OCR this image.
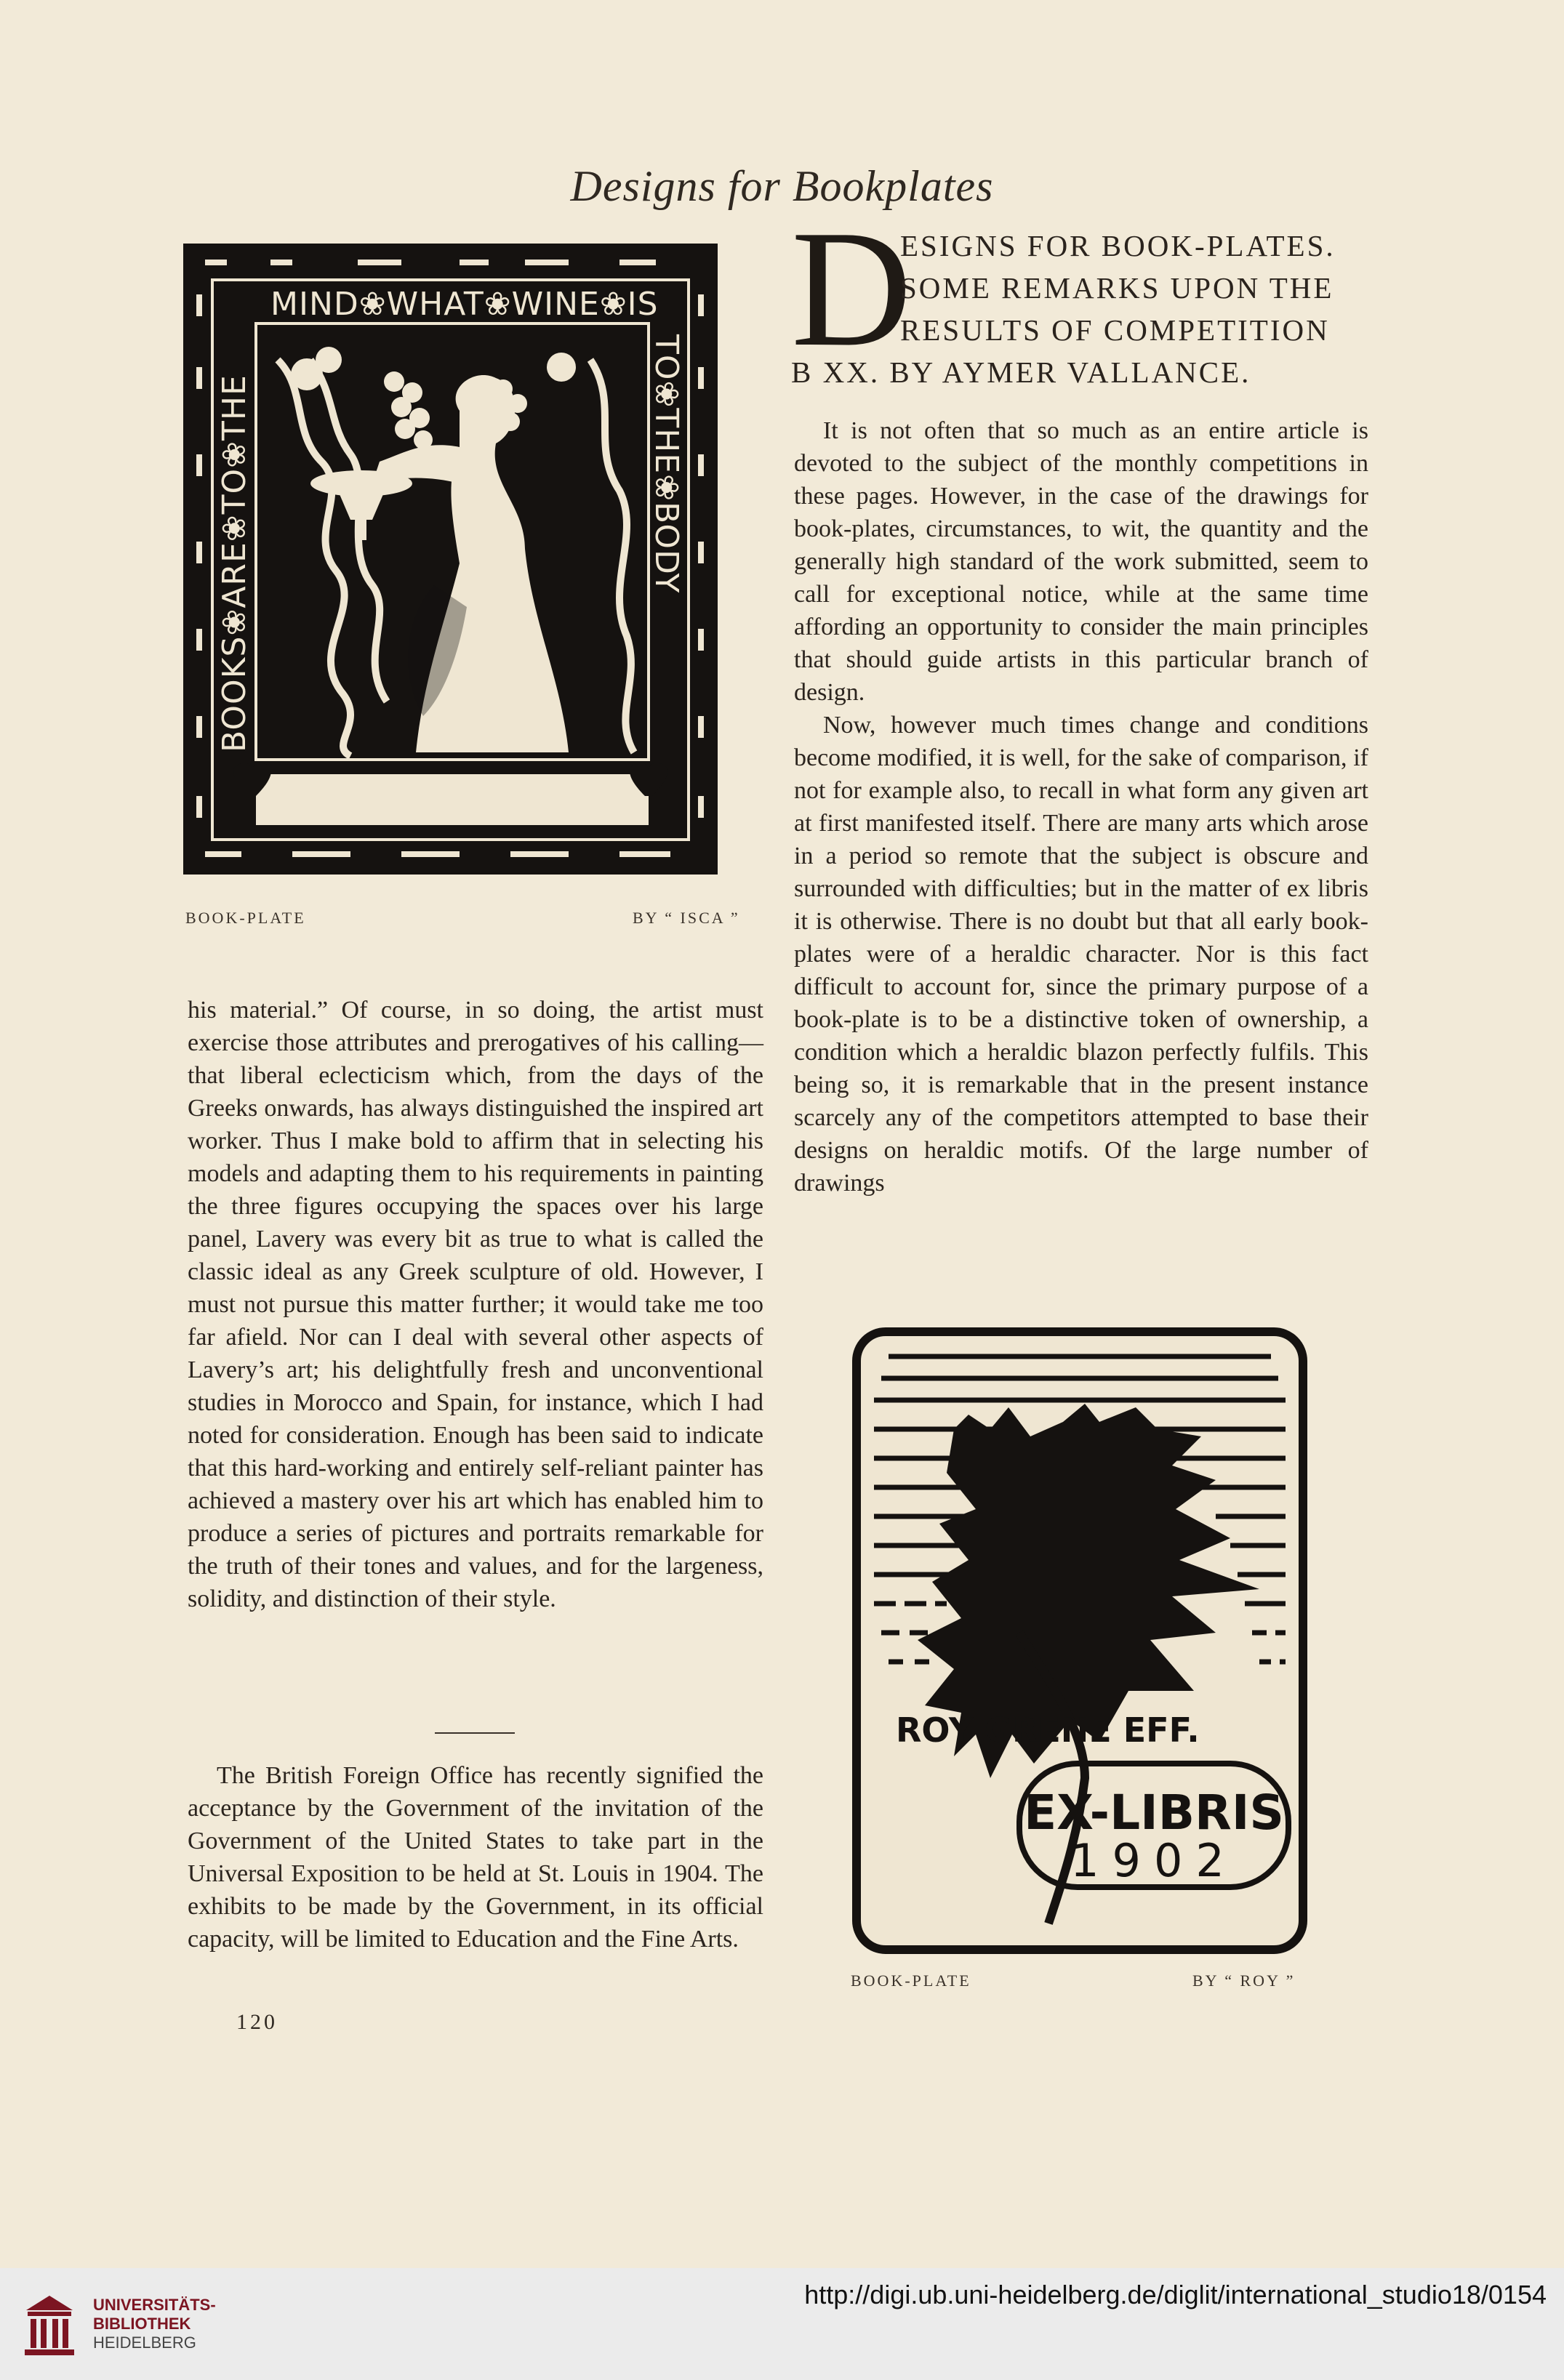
Designs for Bookplates
MIND❀WHAT❀WINE❀IS
BOOKS❀ARE❀TO❀THE	TO❀THE❀BODY
BOOK-PLATE	BY “ ISCA ”
D
ESIGNS FOR BOOK-PLATES.
SOME REMARKS UPON THE
RESULTS OF COMPETITION
B XX. BY AYMER VALLANCE.

It is not often that so much as an entire article is devoted to the subject of the monthly competitions in these pages. However, in the case of the drawings for book-plates, circumstances, to wit, the quantity and the generally high standard of the work submitted, seem to call for exceptional notice, while at the same time affording an opportunity to consider the main principles that should guide artists in this particular branch of design.

Now, however much times change and conditions become modified, it is well, for the sake of comparison, if not for example also, to recall in what form any given art at first manifested itself. There are many arts which arose in a period so remote that the subject is obscure and surrounded with difficulties; but in the matter of ex libris it is otherwise. There is no doubt but that all early book-plates were of a heraldic character. Nor is this fact difficult to account for, since the primary purpose of a book-plate is to be a distinctive token of ownership, a condition which a heraldic blazon perfectly fulfils. This being so, it is remarkable that in the present instance scarcely any of the competitors attempted to base their designs on heraldic motifs. Of the large number of drawings

his material.” Of course, in so doing, the artist must exercise those attributes and prerogatives of his calling—that liberal eclecticism which, from the days of the Greeks onwards, has always distinguished the inspired art worker. Thus I make bold to affirm that in selecting his models and adapting them to his requirements in painting the three figures occupying the spaces over his large panel, Lavery was every bit as true to what is called the classic ideal as any Greek sculpture of old. However, I must not pursue this matter further; it would take me too far afield. Nor can I deal with several other aspects of Lavery’s art; his delightfully fresh and unconventional studies in Morocco and Spain, for instance, which I had noted for consideration. Enough has been said to indicate that this hard-working and entirely self-reliant painter has achieved a mastery over his art which has enabled him to produce a series of pictures and portraits remarkable for the truth of their tones and values, and for the largeness, solidity, and distinction of their style.

The British Foreign Office has recently signified the acceptance by the Government of the invitation of the Government of the United States to take part in the Universal Exposition to be held at St. Louis in 1904. The exhibits to be made by the Government, in its official capacity, will be limited to Education and the Fine Arts.

120
EX-LIBRIS
1902
ROY GRENE EFF.
BOOK-PLATE	BY “ ROY ”
UNIVERSITÄTS-
BIBLIOTHEK
HEIDELBERG
http://digi.ub.uni-heidelberg.de/diglit/international_studio18/0154
